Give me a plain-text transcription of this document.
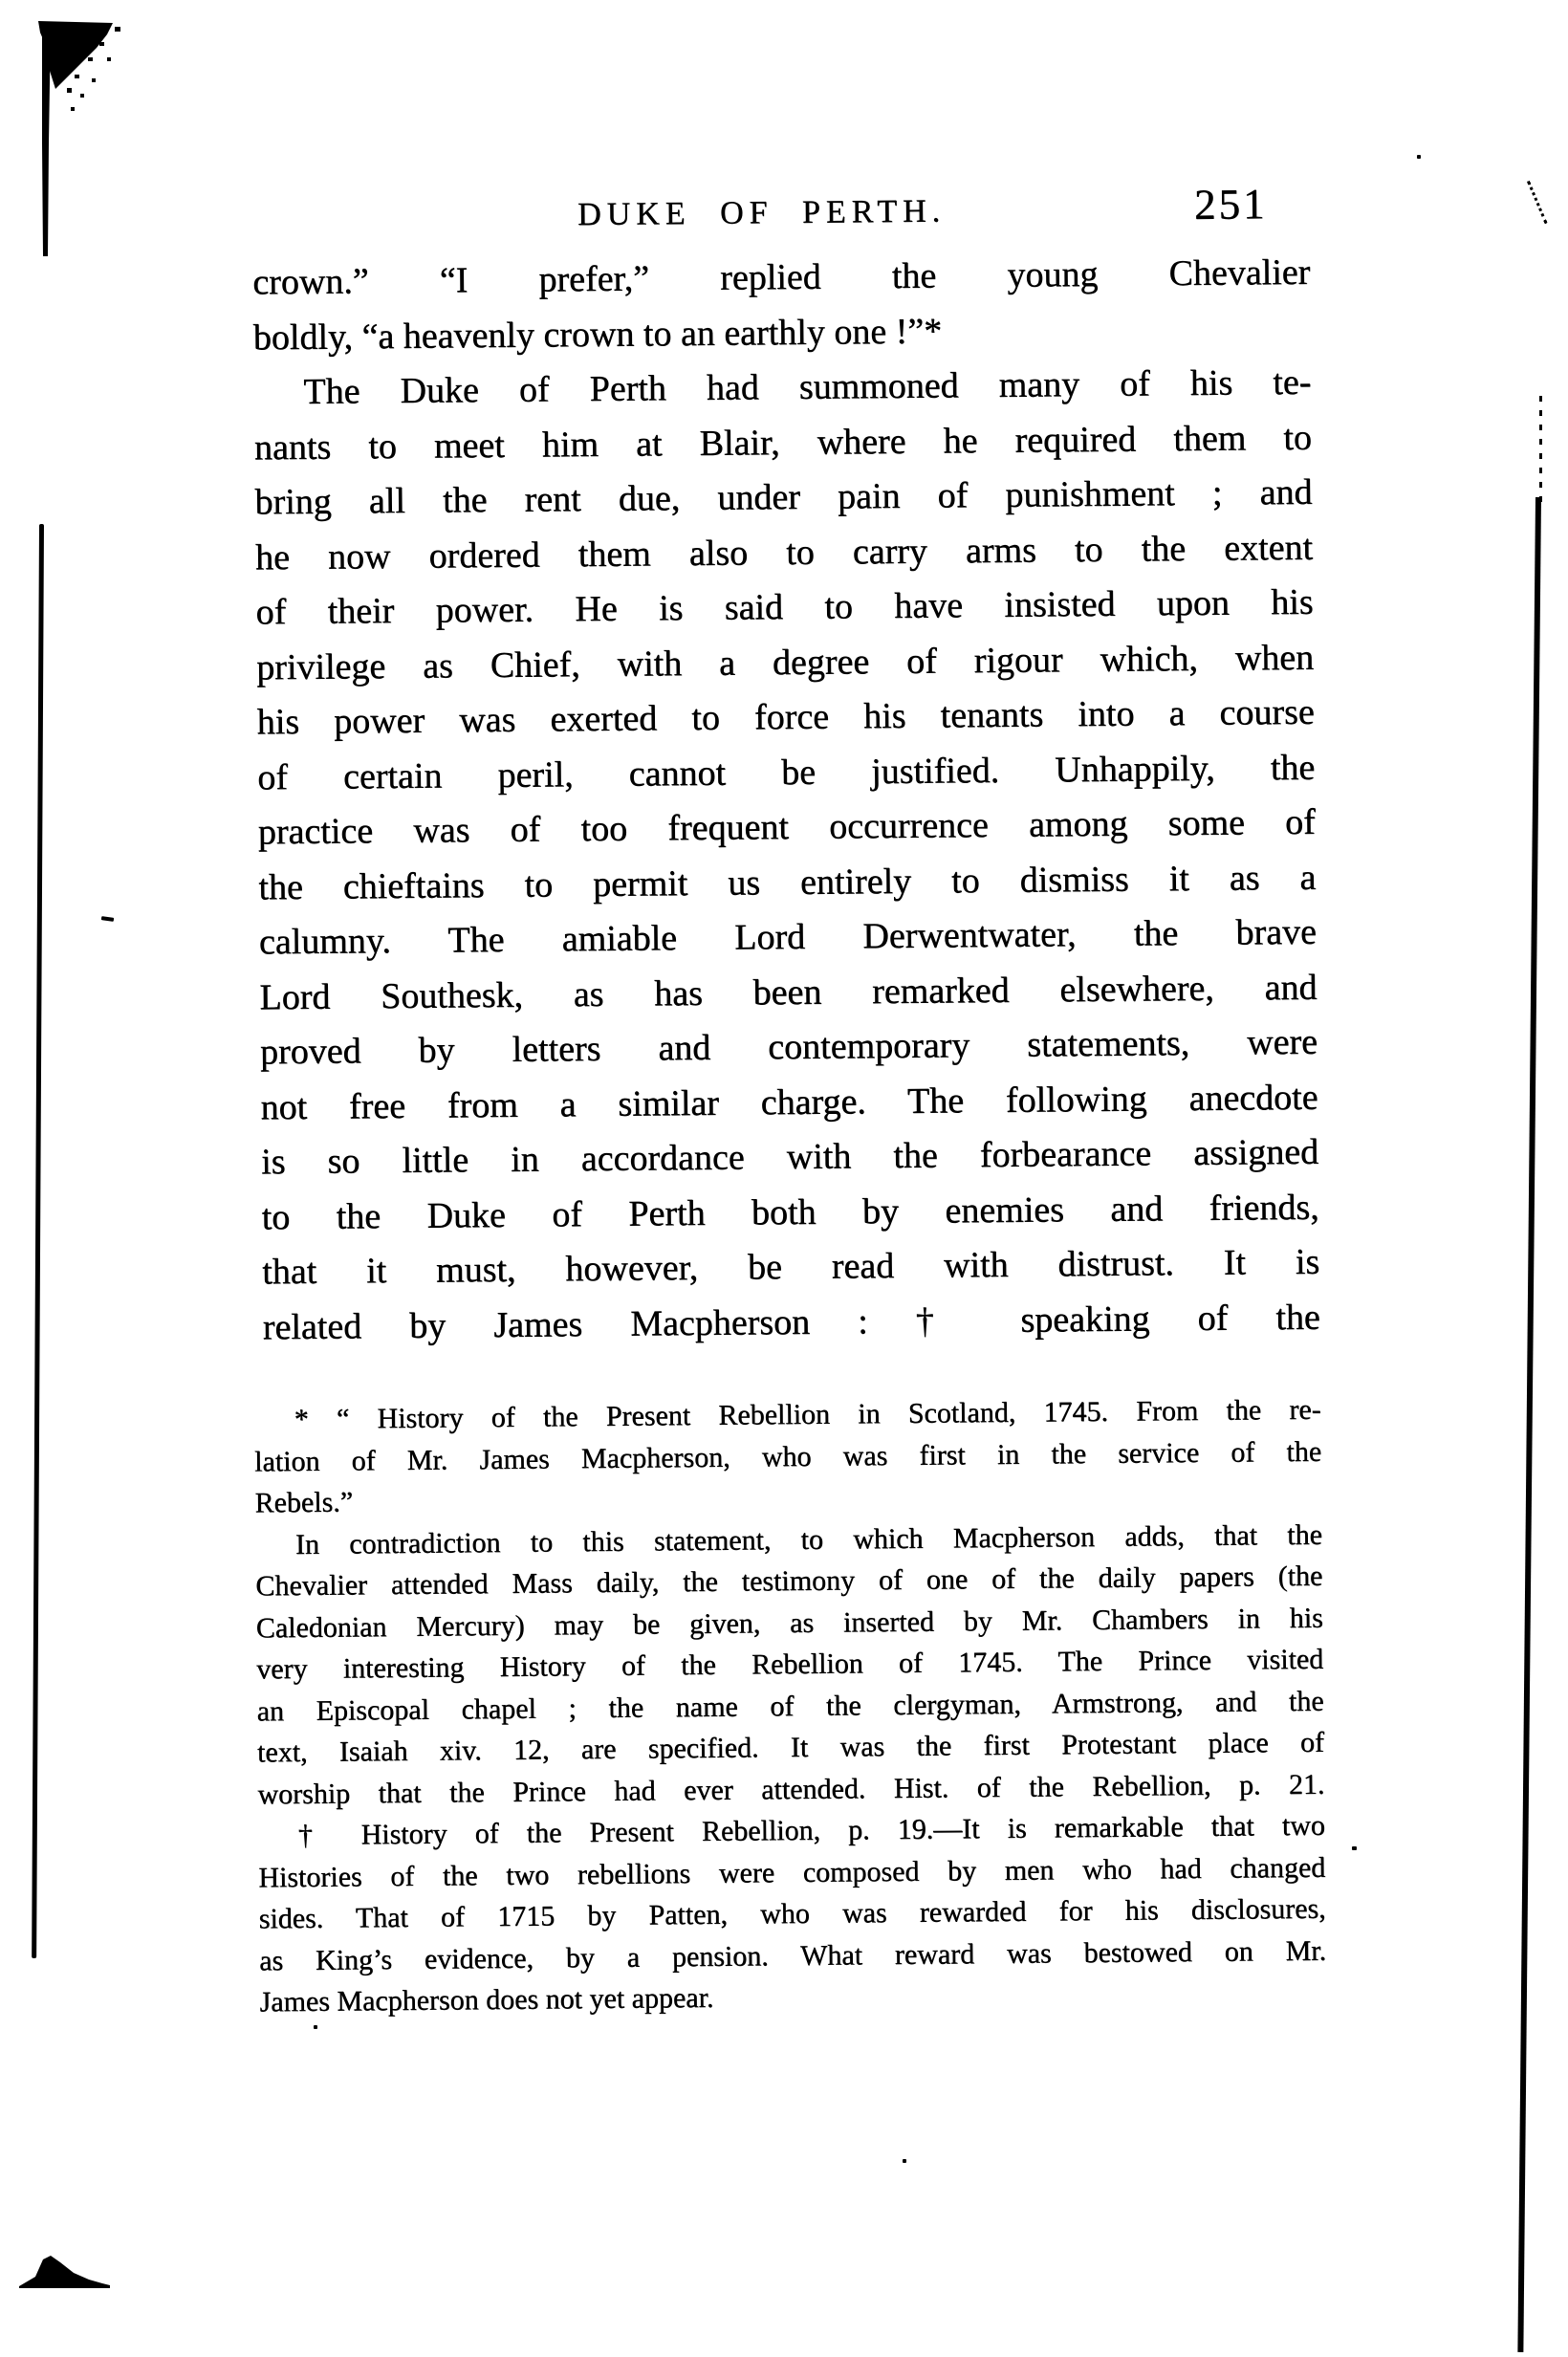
DUKE OF PERTH.	251
crown.” “I prefer,” replied the young Chevalier
boldly, “a heavenly crown to an earthly one !”*
The Duke of Perth had summoned many of his te-
nants to meet him at Blair, where he required them to
bring all the rent due, under pain of punishment ; and
he now ordered them also to carry arms to the extent
of their power. He is said to have insisted upon his
privilege as Chief, with a degree of rigour which, when
his power was exerted to force his tenants into a course
of certain peril, cannot be justified. Unhappily, the
practice was of too frequent occurrence among some of
the chieftains to permit us entirely to dismiss it as a
calumny. The amiable Lord Derwentwater, the brave
Lord Southesk, as has been remarked elsewhere, and
proved by letters and contemporary statements, were
not free from a similar charge. The following anecdote
is so little in accordance with the forbearance assigned
to the Duke of Perth both by enemies and friends,
that it must, however, be read with distrust. It is
related by James Macpherson : † speaking of the
* “ History of the Present Rebellion in Scotland, 1745. From the re-
lation of Mr. James Macpherson, who was first in the service of the
Rebels.”
In contradiction to this statement, to which Macpherson adds, that the
Chevalier attended Mass daily, the testimony of one of the daily papers (the
Caledonian Mercury) may be given, as inserted by Mr. Chambers in his
very interesting History of the Rebellion of 1745. The Prince visited
an Episcopal chapel ; the name of the clergyman, Armstrong, and the
text, Isaiah xiv. 12, are specified. It was the first Protestant place of
worship that the Prince had ever attended. Hist. of the Rebellion, p. 21.
† History of the Present Rebellion, p. 19.—It is remarkable that two
Histories of the two rebellions were composed by men who had changed
sides. That of 1715 by Patten, who was rewarded for his disclosures,
as King’s evidence, by a pension. What reward was bestowed on Mr.
James Macpherson does not yet appear.
